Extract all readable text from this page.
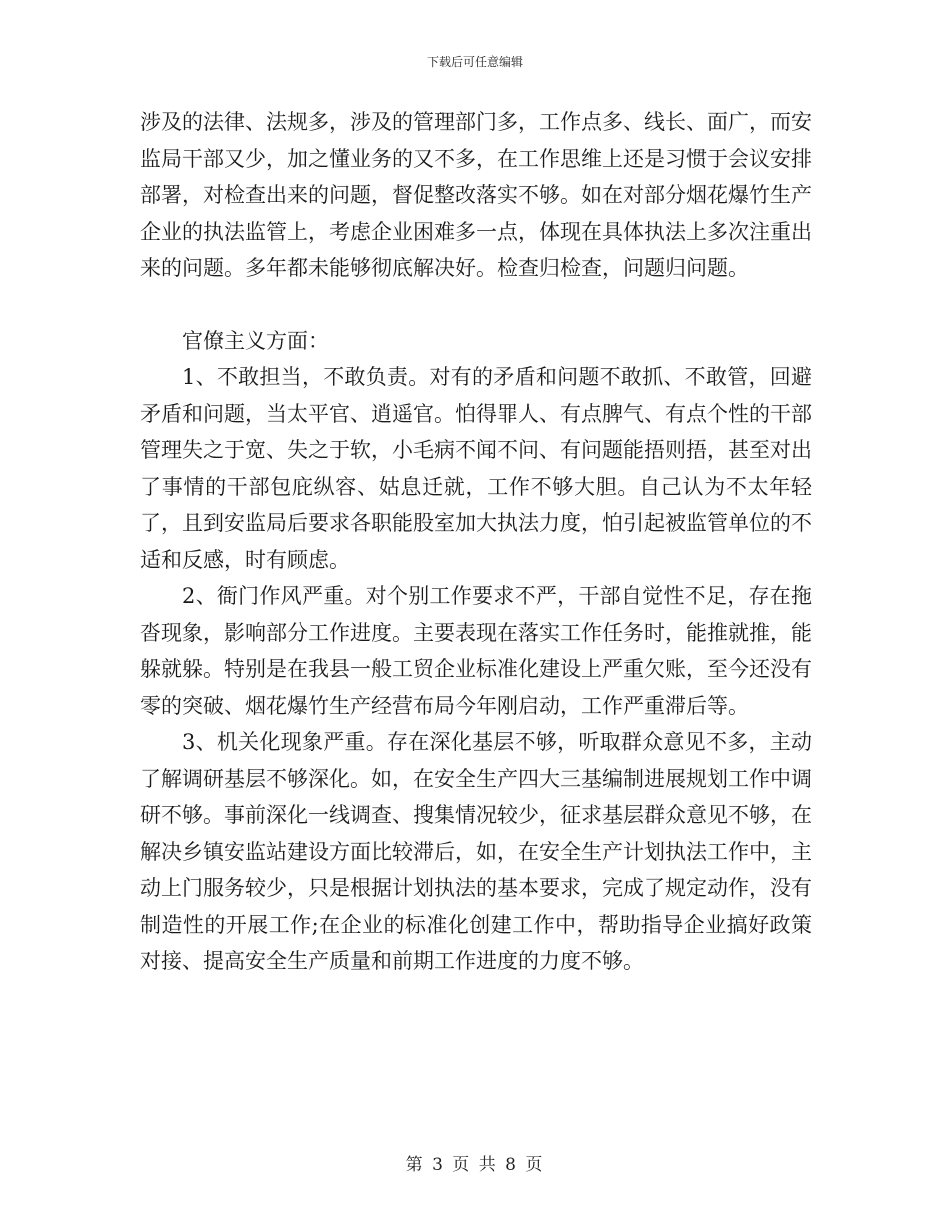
下载后可任意编辑

涉及的法律、法规多，涉及的管理部门多，工作点多、线长、面广，而安监局干部又少，加之懂业务的又不多，在工作思维上还是习惯于会议安排部署，对检查出来的问题，督促整改落实不够。如在对部分烟花爆竹生产企业的执法监管上，考虑企业困难多一点，体现在具体执法上多次注重出来的问题。多年都未能够彻底解决好。检查归检查，问题归问题。

官僚主义方面：

1、不敢担当，不敢负责。对有的矛盾和问题不敢抓、不敢管，回避矛盾和问题，当太平官、逍遥官。怕得罪人、有点脾气、有点个性的干部管理失之于宽、失之于软，小毛病不闻不问、有问题能捂则捂，甚至对出了事情的干部包庇纵容、姑息迁就，工作不够大胆。自己认为不太年轻了，且到安监局后要求各职能股室加大执法力度，怕引起被监管单位的不适和反感，时有顾虑。

2、衙门作风严重。对个别工作要求不严，干部自觉性不足，存在拖沓现象，影响部分工作进度。主要表现在落实工作任务时，能推就推，能躲就躲。特别是在我县一般工贸企业标准化建设上严重欠账，至今还没有零的突破、烟花爆竹生产经营布局今年刚启动，工作严重滞后等。

3、机关化现象严重。存在深化基层不够，听取群众意见不多，主动了解调研基层不够深化。如，在安全生产四大三基编制进展规划工作中调研不够。事前深化一线调查、搜集情况较少，征求基层群众意见不够，在解决乡镇安监站建设方面比较滞后，如，在安全生产计划执法工作中，主动上门服务较少，只是根据计划执法的基本要求，完成了规定动作，没有制造性的开展工作;在企业的标准化创建工作中，帮助指导企业搞好政策对接、提高安全生产质量和前期工作进度的力度不够。

第 3 页 共 8 页
